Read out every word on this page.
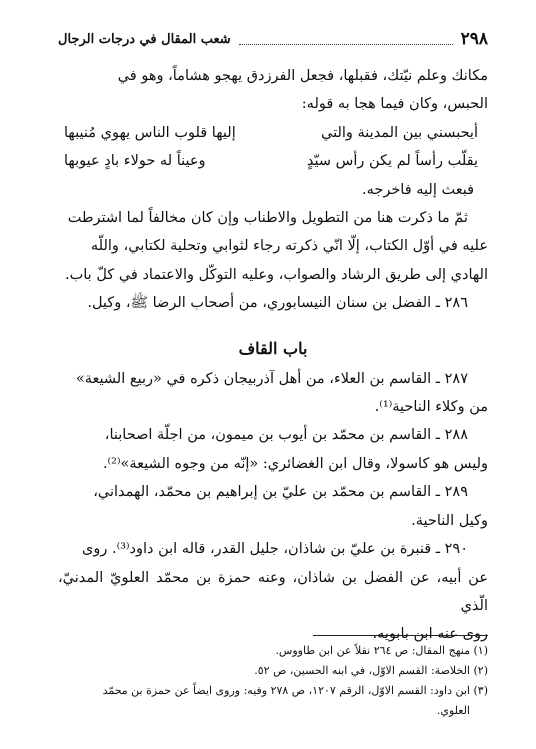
٢٩٨
شعب المقال في درجات الرجال

مكانك وعلم نيّتك، فقبلها، فجعل الفرزدق يهجو هشاماً، وهو في

الحبس، وكان فيما هجا به قوله:

أيحبسني بين المدينة والتي
إليها قلوب الناس يهوي مُنيبها
يقلّب رأساً لم يكن رأس سيّدٍ
وعيناً له حولاء بادٍ عيوبها

فبعث إليه فاخرجه.

ثمّ ما ذكرت هنا من التطويل والاطناب وإن كان مخالفاً لما اشترطت

عليه في أوّل الكتاب، إلّا انّي ذكرته رجاء لثوابي وتحلية لكتابي، واللّه

الهادي إلى طريق الرشاد والصواب، وعليه التوكّل والاعتماد في كلّ باب.

٢٨٦ ـ الفضل بن سنان النيسابوري، من أصحاب الرضا ﷺ، وكيل.

باب القاف

٢٨٧ ـ القاسم بن العلاء، من أهل آذربيجان ذكره في «ربيع الشيعة»

من وكلاء الناحية⁽¹⁾.

٢٨٨ ـ القاسم بن محمّد بن أيوب بن ميمون، من اجلّة اصحابنا،

وليس هو كاسولا، وقال ابن الغضائري: «إنّه من وجوه الشيعة»⁽²⁾.

٢٨٩ ـ القاسم بن محمّد بن عليّ بن إبراهيم بن محمّد، الهمداني،

وكيل الناحية.

٢٩٠ ـ قنبرة بن عليّ بن شاذان، جليل القدر، قاله ابن داود⁽³⁾. روى

عن أبيه، عن الفضل بن شاذان، وعنه حمزة بن محمّد العلويّ المدنيّ، الّذي

روى عنه ابن بابويه.

(١) منهج المقال: ص ٢٦٤ نقلاً عن ابن طاووس.

(٢) الخلاصة: القسم الاوّل، في ابنه الحسين، ص ٥٢.

(٣) ابن داود: القسم الاوّل، الرقم ١٢٠٧، ص ٢٧٨ وفيه: وروى ايضاً عن حمزة بن محمّد

العلوي.
